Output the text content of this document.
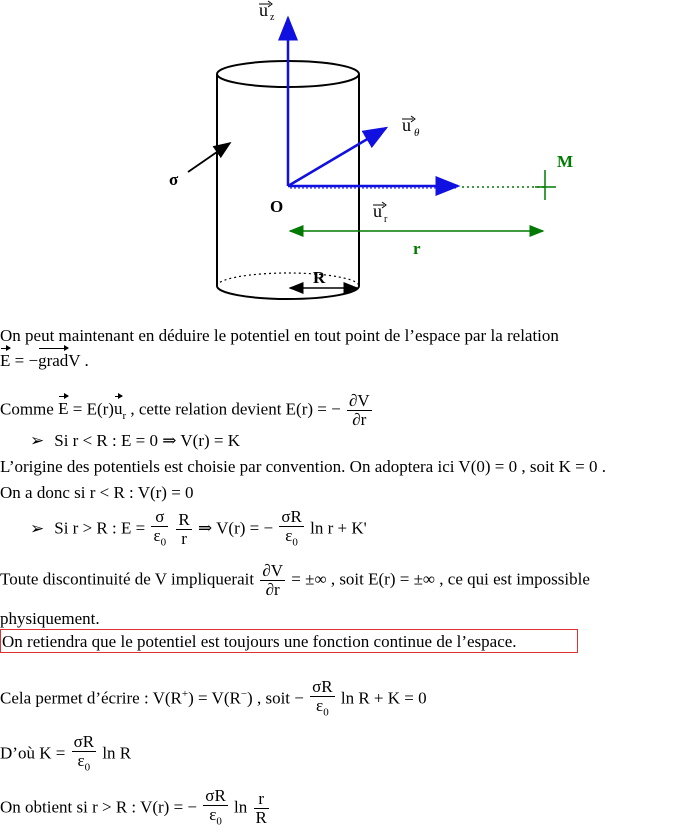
u z
u θ
u r
σ
O
M
r
R
On peut maintenant en déduire le potentiel en tout point de l’espace par la relation
E = −gradV .
Comme $E = E(r)u_r$ , cette relation devient E(r) = − $\frac{\partial V}{\partial r}$
➢ Si r < R : E = 0 ⇒ V(r) = K
L’origine des potentiels est choisie par convention. On adoptera ici V(0) = 0 , soit K = 0 .
On a donc si r < R : V(r) = 0
➢ Si r > R : $E = \frac{\sigma}{\varepsilon_0}$
$\frac{R}{r}$ ⇒ V(r) = − $\frac{\sigma R}{\varepsilon_0}$ ln r + K'
Toute discontinuité de V impliquerait $\frac{\partial V}{\partial r}$ = ±∞ , soit E(r) = ±∞ , ce qui est impossible
physiquement.
On retiendra que le potentiel est toujours une fonction continue de l’espace.
Cela permet d’écrire : V(R+) = V(R−) , soit − $\frac{\sigma R}{\varepsilon_0}$ ln R + K = 0
D’où $K = \frac{\sigma R}{\varepsilon_0}$ ln R
On obtient si r > R : V(r) = − $\frac{\sigma R}{\varepsilon_0}$ $\ln \frac{r}{R}$
